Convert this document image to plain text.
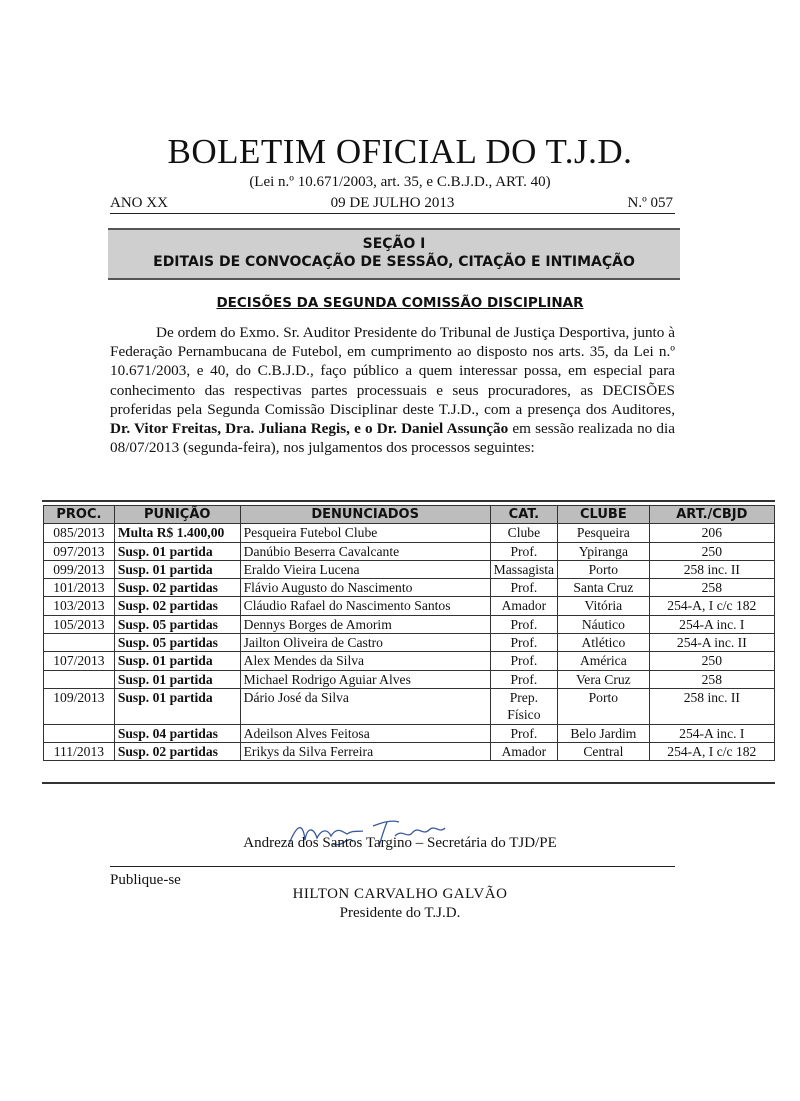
BOLETIM OFICIAL DO T.J.D.
(Lei n.º 10.671/2003, art. 35, e C.B.J.D., ART. 40)
ANO XX	09 DE JULHO 2013	N.º 057
SEÇÃO I
EDITAIS DE CONVOCAÇÃO DE SESSÃO, CITAÇÃO E INTIMAÇÃO
DECISÕES DA SEGUNDA COMISSÃO DISCIPLINAR
De ordem do Exmo. Sr. Auditor Presidente do Tribunal de Justiça Desportiva, junto à Federação Pernambucana de Futebol, em cumprimento ao disposto nos arts. 35, da Lei n.º 10.671/2003, e 40, do C.B.J.D., faço público a quem interessar possa, em especial para conhecimento das respectivas partes processuais e seus procuradores, as DECISÕES proferidas pela Segunda Comissão Disciplinar deste T.J.D., com a presença dos Auditores, Dr. Vitor Freitas, Dra. Juliana Regis, e o Dr. Daniel Assunção em sessão realizada no dia 08/07/2013 (segunda-feira), nos julgamentos dos processos seguintes:
PROC.	PUNIÇÃO	DENUNCIADOS	CAT.	CLUBE	ART./CBJD
085/2013	Multa R$ 1.400,00	Pesqueira Futebol Clube	Clube	Pesqueira	206
097/2013	Susp. 01 partida	Danúbio Beserra Cavalcante	Prof.	Ypiranga	250
099/2013	Susp. 01 partida	Eraldo Vieira Lucena	Massagista	Porto	258 inc. II
101/2013	Susp. 02 partidas	Flávio Augusto do Nascimento	Prof.	Santa Cruz	258
103/2013	Susp. 02 partidas	Cláudio Rafael do Nascimento Santos	Amador	Vitória	254-A, I c/c 182
105/2013	Susp. 05 partidas	Dennys Borges de Amorim	Prof.	Náutico	254-A inc. I
	Susp. 05 partidas	Jailton Oliveira de Castro	Prof.	Atlético	254-A inc. II
107/2013	Susp. 01 partida	Alex Mendes da Silva	Prof.	América	250
	Susp. 01 partida	Michael Rodrigo Aguiar Alves	Prof.	Vera Cruz	258
109/2013	Susp. 01 partida	Dário José da Silva	Prep. Físico	Porto	258 inc. II
	Susp. 04 partidas	Adeilson Alves Feitosa	Prof.	Belo Jardim	254-A inc. I
111/2013	Susp. 02 partidas	Erikys da Silva Ferreira	Amador	Central	254-A, I c/c 182
Andreza dos Santos Targino – Secretária do TJD/PE
Publique-se
HILTON CARVALHO GALVÃO
Presidente do T.J.D.
